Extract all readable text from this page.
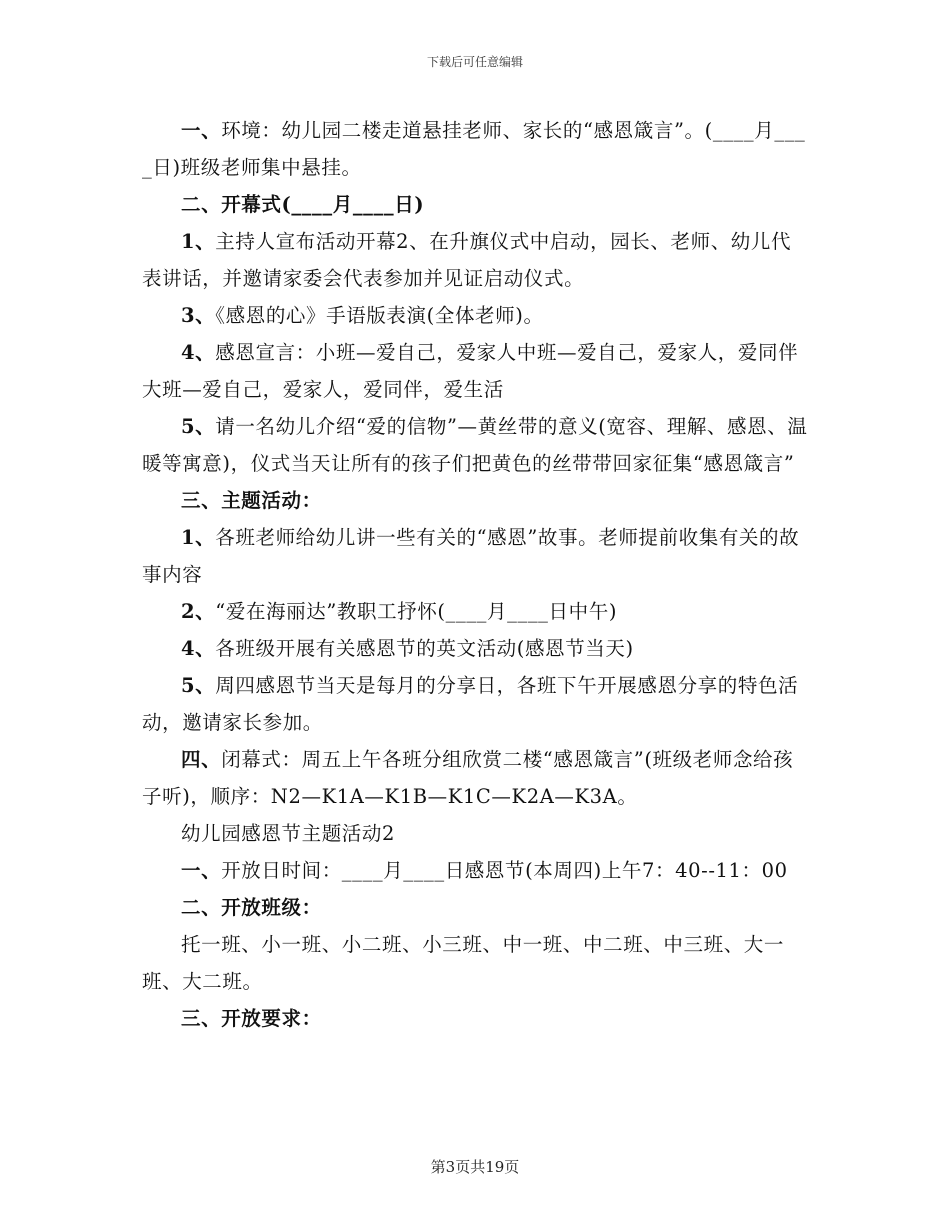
下载后可任意编辑

一、环境：幼儿园二楼走道悬挂老师、家长的“感恩箴言”。(____月____日)班级老师集中悬挂。

二、开幕式(____月____日)

1、主持人宣布活动开幕2、在升旗仪式中启动，园长、老师、幼儿代表讲话，并邀请家委会代表参加并见证启动仪式。

3、《感恩的心》手语版表演(全体老师)。

4、感恩宣言：小班—爱自己，爱家人中班—爱自己，爱家人，爱同伴大班—爱自己，爱家人，爱同伴，爱生活

5、请一名幼儿介绍“爱的信物”—黄丝带的意义(宽容、理解、感恩、温暖等寓意)，仪式当天让所有的孩子们把黄色的丝带带回家征集“感恩箴言”

三、主题活动：

1、各班老师给幼儿讲一些有关的“感恩”故事。老师提前收集有关的故事内容

2、“爱在海丽达”教职工抒怀(____月____日中午)

4、各班级开展有关感恩节的英文活动(感恩节当天)

5、周四感恩节当天是每月的分享日，各班下午开展感恩分享的特色活动，邀请家长参加。

四、闭幕式：周五上午各班分组欣赏二楼“感恩箴言”(班级老师念给孩子听)，顺序：N2—K1A—K1B—K1C—K2A—K3A。

幼儿园感恩节主题活动2

一、开放日时间：____月____日感恩节(本周四)上午7：40--11：00

二、开放班级：

托一班、小一班、小二班、小三班、中一班、中二班、中三班、大一班、大二班。

三、开放要求：

第3页共19页
